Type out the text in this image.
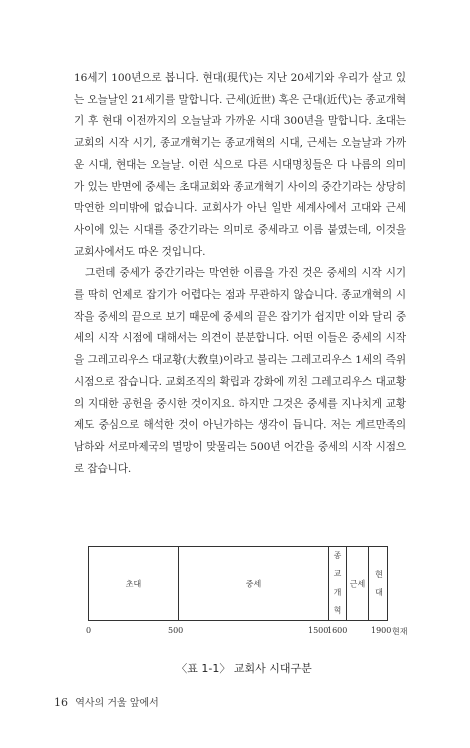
16세기 100년으로 봅니다. 현대(現代)는 지난 20세기와 우리가 살고 있는 오늘날인 21세기를 말합니다. 근세(近世) 혹은 근대(近代)는 종교개혁기 후 현대 이전까지의 오늘날과 가까운 시대 300년을 말합니다. 초대는 교회의 시작 시기, 종교개혁기는 종교개혁의 시대, 근세는 오늘날과 가까운 시대, 현대는 오늘날. 이런 식으로 다른 시대명칭들은 다 나름의 의미가 있는 반면에 중세는 초대교회와 종교개혁기 사이의 중간기라는 상당히 막연한 의미밖에 없습니다. 교회사가 아닌 일반 세계사에서 고대와 근세 사이에 있는 시대를 중간기라는 의미로 중세라고 이름 붙였는데, 이것을 교회사에서도 따온 것입니다.

그런데 중세가 중간기라는 막연한 이름을 가진 것은 중세의 시작 시기를 딱히 언제로 잡기가 어렵다는 점과 무관하지 않습니다. 종교개혁의 시작을 중세의 끝으로 보기 때문에 중세의 끝은 잡기가 쉽지만 이와 달리 중세의 시작 시점에 대해서는 의견이 분분합니다. 어떤 이들은 중세의 시작을 그레고리우스 대교황(大敎皇)이라고 불리는 그레고리우스 1세의 즉위 시점으로 잡습니다. 교회조직의 확립과 강화에 끼친 그레고리우스 대교황의 지대한 공헌을 중시한 것이지요. 하지만 그것은 중세를 지나치게 교황제도 중심으로 해석한 것이 아닌가하는 생각이 듭니다. 저는 게르만족의 남하와 서로마제국의 멸망이 맞물리는 500년 어간을 중세의 시작 시점으로 잡습니다.

초대	중세
종
교
개
혁
근세
현
대
0	500	1500
1600	1900 현재
〈표 1-1〉 교회사 시대구분
16 역사의 거울 앞에서
